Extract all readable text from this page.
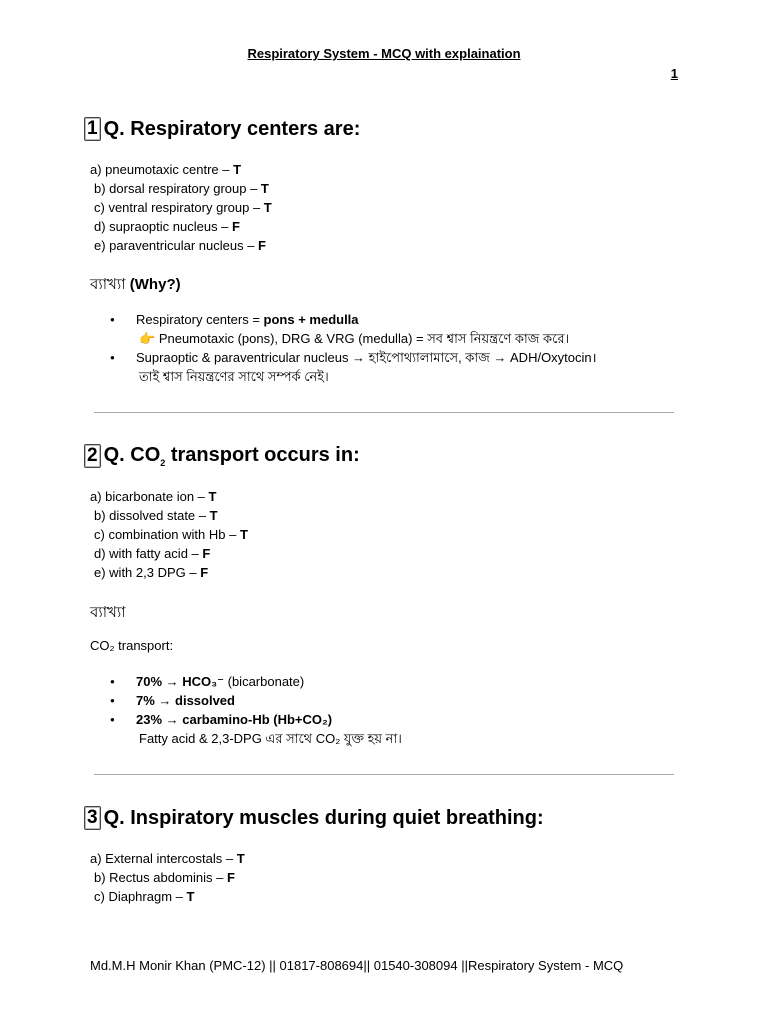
Respiratory System - MCQ with explaination
1
1 Q. Respiratory centers are:
a) pneumotaxic centre – T
b) dorsal respiratory group – T
c) ventral respiratory group – T
d) supraoptic nucleus – F
e) paraventricular nucleus – F
ব্যাখ্যা (Why?)
● Respiratory centers = pons + medulla
👉 Pneumotaxic (pons), DRG & VRG (medulla) = সব শ্বাস নিয়ন্ত্রণে কাজ করে।
● Supraoptic & paraventricular nucleus → হাইপোথ্যালামাসে, কাজ → ADH/Oxytocin।
তাই শ্বাস নিয়ন্ত্রণের সাথে সম্পর্ক নেই।
2 Q. $CO_2$ transport occurs in:
a) bicarbonate ion – T
b) dissolved state – T
c) combination with Hb – T
d) with fatty acid – F
e) with 2,3 DPG – F
ব্যাখ্যা
CO₂ transport:
● 70% → HCO₃⁻ (bicarbonate)
● 7% → dissolved
● 23% → carbamino-Hb (Hb+CO₂)
Fatty acid & 2,3-DPG এর সাথে CO₂ যুক্ত হয় না।
3 Q. Inspiratory muscles during quiet breathing:
a) External intercostals – T
b) Rectus abdominis – F
c) Diaphragm – T
Md.M.H Monir Khan (PMC-12) || 01817-808694|| 01540-308094 ||Respiratory System - MCQ
